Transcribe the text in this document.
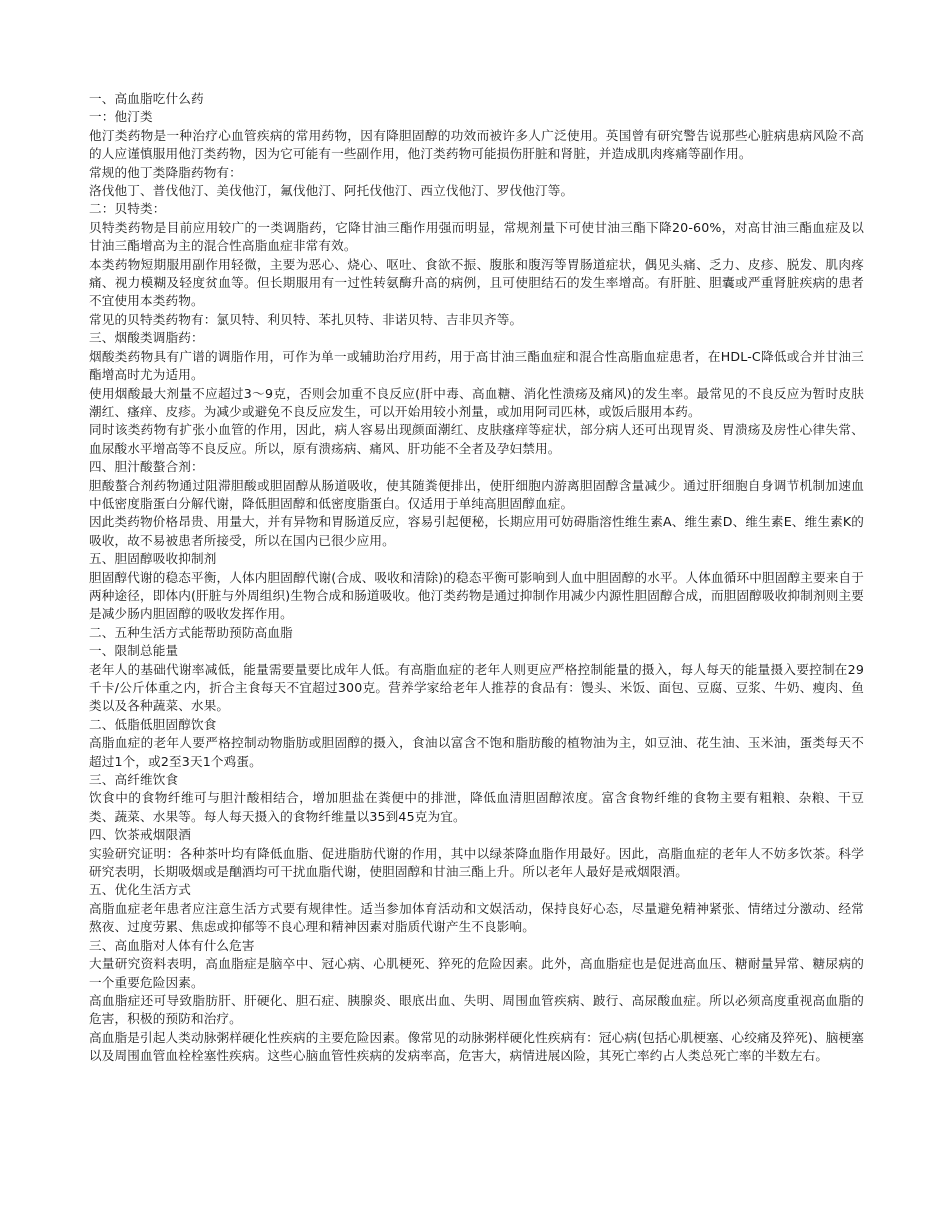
一、高血脂吃什么药

一：他汀类

他汀类药物是一种治疗心血管疾病的常用药物，因有降胆固醇的功效而被许多人广泛使用。英国曾有研究警告说那些心脏病患病风险不高的人应谨慎服用他汀类药物，因为它可能有一些副作用，他汀类药物可能损伤肝脏和肾脏，并造成肌肉疼痛等副作用。

常规的他丁类降脂药物有：

洛伐他丁、普伐他汀、美伐他汀，氟伐他汀、阿托伐他汀、西立伐他汀、罗伐他汀等。

二：贝特类：

贝特类药物是目前应用较广的一类调脂药，它降甘油三酯作用强而明显，常规剂量下可使甘油三酯下降20-60%，对高甘油三酯血症及以甘油三酯增高为主的混合性高脂血症非常有效。

本类药物短期服用副作用轻微，主要为恶心、烧心、呕吐、食欲不振、腹胀和腹泻等胃肠道症状，偶见头痛、乏力、皮疹、脱发、肌肉疼痛、视力模糊及轻度贫血等。但长期服用有一过性转氨酶升高的病例，且可使胆结石的发生率增高。有肝脏、胆囊或严重肾脏疾病的患者不宜使用本类药物。

常见的贝特类药物有：氯贝特、利贝特、苯扎贝特、非诺贝特、吉非贝齐等。

三、烟酸类调脂药：

烟酸类药物具有广谱的调脂作用，可作为单一或辅助治疗用药，用于高甘油三酯血症和混合性高脂血症患者，在HDL-C降低或合并甘油三酯增高时尤为适用。

使用烟酸最大剂量不应超过3～9克，否则会加重不良反应(肝中毒、高血糖、消化性溃疡及痛风)的发生率。最常见的不良反应为暂时皮肤潮红、瘙痒、皮疹。为减少或避免不良反应发生，可以开始用较小剂量，或加用阿司匹林，或饭后服用本药。

同时该类药物有扩张小血管的作用，因此，病人容易出现颜面潮红、皮肤瘙痒等症状，部分病人还可出现胃炎、胃溃疡及房性心律失常、血尿酸水平增高等不良反应。所以，原有溃疡病、痛风、肝功能不全者及孕妇禁用。

四、胆汁酸螯合剂：

胆酸螯合剂药物通过阻滞胆酸或胆固醇从肠道吸收，使其随粪便排出，使肝细胞内游离胆固醇含量减少。通过肝细胞自身调节机制加速血中低密度脂蛋白分解代谢，降低胆固醇和低密度脂蛋白。仅适用于单纯高胆固醇血症。

因此类药物价格昂贵、用量大，并有异物和胃肠道反应，容易引起便秘，长期应用可妨碍脂溶性维生素A、维生素D、维生素E、维生素K的吸收，故不易被患者所接受，所以在国内已很少应用。

五、胆固醇吸收抑制剂

胆固醇代谢的稳态平衡，人体内胆固醇代谢(合成、吸收和清除)的稳态平衡可影响到人血中胆固醇的水平。人体血循环中胆固醇主要来自于两种途径，即体内(肝脏与外周组织)生物合成和肠道吸收。他汀类药物是通过抑制作用减少内源性胆固醇合成，而胆固醇吸收抑制剂则主要是减少肠内胆固醇的吸收发挥作用。

二、五种生活方式能帮助预防高血脂

一、限制总能量

老年人的基础代谢率减低，能量需要量要比成年人低。有高脂血症的老年人则更应严格控制能量的摄入，每人每天的能量摄入要控制在29千卡/公斤体重之内，折合主食每天不宜超过300克。营养学家给老年人推荐的食品有：馒头、米饭、面包、豆腐、豆浆、牛奶、瘦肉、鱼类以及各种蔬菜、水果。

二、低脂低胆固醇饮食

高脂血症的老年人要严格控制动物脂肪或胆固醇的摄入，食油以富含不饱和脂肪酸的植物油为主，如豆油、花生油、玉米油，蛋类每天不超过1个，或2至3天1个鸡蛋。

三、高纤维饮食

饮食中的食物纤维可与胆汁酸相结合，增加胆盐在粪便中的排泄，降低血清胆固醇浓度。富含食物纤维的食物主要有粗粮、杂粮、干豆类、蔬菜、水果等。每人每天摄入的食物纤维量以35到45克为宜。

四、饮茶戒烟限酒

实验研究证明：各种茶叶均有降低血脂、促进脂肪代谢的作用，其中以绿茶降血脂作用最好。因此，高脂血症的老年人不妨多饮茶。科学研究表明，长期吸烟或是酗酒均可干扰血脂代谢，使胆固醇和甘油三酯上升。所以老年人最好是戒烟限酒。

五、优化生活方式

高脂血症老年患者应注意生活方式要有规律性。适当参加体育活动和文娱活动，保持良好心态，尽量避免精神紧张、情绪过分激动、经常熬夜、过度劳累、焦虑或抑郁等不良心理和精神因素对脂质代谢产生不良影响。

三、高血脂对人体有什么危害

大量研究资料表明，高血脂症是脑卒中、冠心病、心肌梗死、猝死的危险因素。此外，高血脂症也是促进高血压、糖耐量异常、糖尿病的一个重要危险因素。

高血脂症还可导致脂肪肝、肝硬化、胆石症、胰腺炎、眼底出血、失明、周围血管疾病、跛行、高尿酸血症。所以必须高度重视高血脂的危害，积极的预防和治疗。

高血脂是引起人类动脉粥样硬化性疾病的主要危险因素。像常见的动脉粥样硬化性疾病有：冠心病(包括心肌梗塞、心绞痛及猝死)、脑梗塞以及周围血管血栓栓塞性疾病。这些心脑血管性疾病的发病率高，危害大，病情进展凶险，其死亡率约占人类总死亡率的半数左右。
